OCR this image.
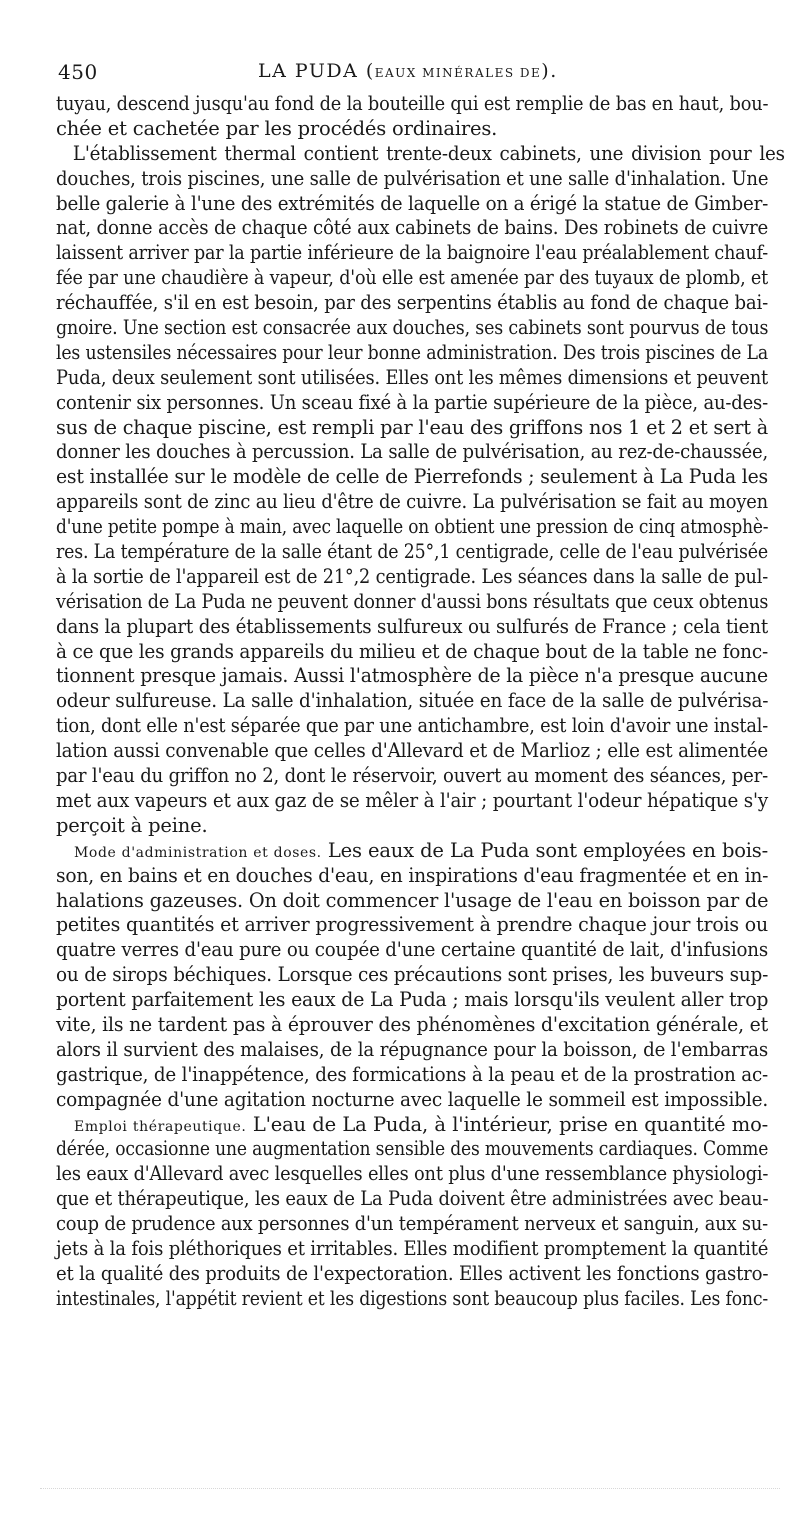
450	LA PUDA (EAUX MINÉRALES DE).
tuyau, descend jusqu'au fond de la bouteille qui est remplie de bas en haut, bou-
chée et cachetée par les procédés ordinaires.
L'établissement thermal contient trente-deux cabinets, une division pour les
douches, trois piscines, une salle de pulvérisation et une salle d'inhalation. Une
belle galerie à l'une des extrémités de laquelle on a érigé la statue de Gimber-
nat, donne accès de chaque côté aux cabinets de bains. Des robinets de cuivre
laissent arriver par la partie inférieure de la baignoire l'eau préalablement chauf-
fée par une chaudière à vapeur, d'où elle est amenée par des tuyaux de plomb, et
réchauffée, s'il en est besoin, par des serpentins établis au fond de chaque bai-
gnoire. Une section est consacrée aux douches, ses cabinets sont pourvus de tous
les ustensiles nécessaires pour leur bonne administration. Des trois piscines de La
Puda, deux seulement sont utilisées. Elles ont les mêmes dimensions et peuvent
contenir six personnes. Un sceau fixé à la partie supérieure de la pièce, au-des-
sus de chaque piscine, est rempli par l'eau des griffons nos 1 et 2 et sert à
donner les douches à percussion. La salle de pulvérisation, au rez-de-chaussée,
est installée sur le modèle de celle de Pierrefonds ; seulement à La Puda les
appareils sont de zinc au lieu d'être de cuivre. La pulvérisation se fait au moyen
d'une petite pompe à main, avec laquelle on obtient une pression de cinq atmosphè-
res. La température de la salle étant de 25°,1 centigrade, celle de l'eau pulvérisée
à la sortie de l'appareil est de 21°,2 centigrade. Les séances dans la salle de pul-
vérisation de La Puda ne peuvent donner d'aussi bons résultats que ceux obtenus
dans la plupart des établissements sulfureux ou sulfurés de France ; cela tient
à ce que les grands appareils du milieu et de chaque bout de la table ne fonc-
tionnent presque jamais. Aussi l'atmosphère de la pièce n'a presque aucune
odeur sulfureuse. La salle d'inhalation, située en face de la salle de pulvérisa-
tion, dont elle n'est séparée que par une antichambre, est loin d'avoir une instal-
lation aussi convenable que celles d'Allevard et de Marlioz ; elle est alimentée
par l'eau du griffon no 2, dont le réservoir, ouvert au moment des séances, per-
met aux vapeurs et aux gaz de se mêler à l'air ; pourtant l'odeur hépatique s'y
perçoit à peine.
Mode d'administration et doses. Les eaux de La Puda sont employées en bois-
son, en bains et en douches d'eau, en inspirations d'eau fragmentée et en in-
halations gazeuses. On doit commencer l'usage de l'eau en boisson par de
petites quantités et arriver progressivement à prendre chaque jour trois ou
quatre verres d'eau pure ou coupée d'une certaine quantité de lait, d'infusions
ou de sirops béchiques. Lorsque ces précautions sont prises, les buveurs sup-
portent parfaitement les eaux de La Puda ; mais lorsqu'ils veulent aller trop
vite, ils ne tardent pas à éprouver des phénomènes d'excitation générale, et
alors il survient des malaises, de la répugnance pour la boisson, de l'embarras
gastrique, de l'inappétence, des formications à la peau et de la prostration ac-
compagnée d'une agitation nocturne avec laquelle le sommeil est impossible.
Emploi thérapeutique. L'eau de La Puda, à l'intérieur, prise en quantité mo-
dérée, occasionne une augmentation sensible des mouvements cardiaques. Comme
les eaux d'Allevard avec lesquelles elles ont plus d'une ressemblance physiologi-
que et thérapeutique, les eaux de La Puda doivent être administrées avec beau-
coup de prudence aux personnes d'un tempérament nerveux et sanguin, aux su-
jets à la fois pléthoriques et irritables. Elles modifient promptement la quantité
et la qualité des produits de l'expectoration. Elles activent les fonctions gastro-
intestinales, l'appétit revient et les digestions sont beaucoup plus faciles. Les fonc-
